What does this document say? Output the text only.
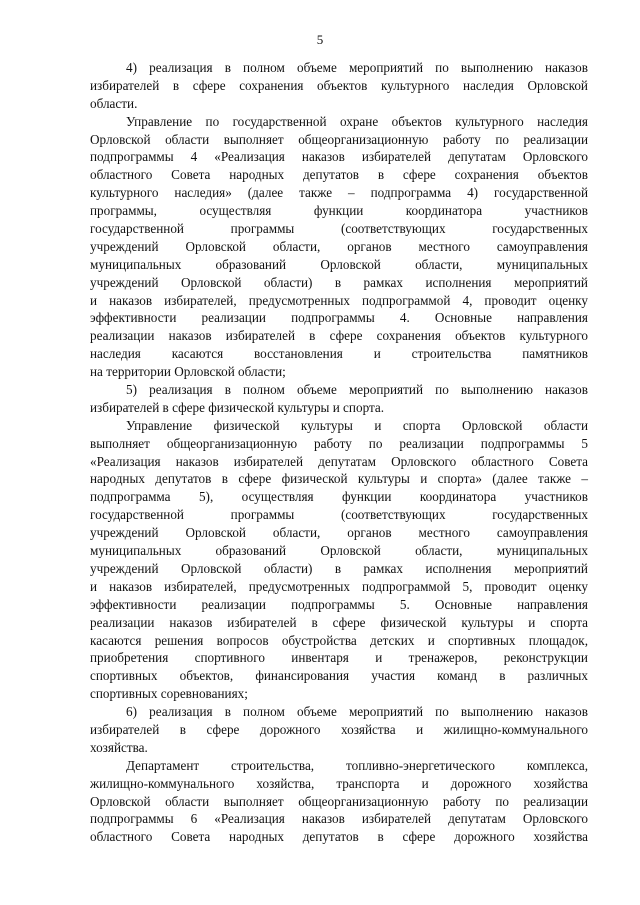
5
4) реализация в полном объеме мероприятий по выполнению наказов
избирателей в сфере сохранения объектов культурного наследия Орловской
области.
Управление по государственной охране объектов культурного наследия
Орловской области выполняет общеорганизационную работу по реализации
подпрограммы 4 «Реализация наказов избирателей депутатам Орловского
областного Совета народных депутатов в сфере сохранения объектов
культурного наследия» (далее также – подпрограмма 4) государственной
программы, осуществляя функции координатора участников
государственной программы (соответствующих государственных
учреждений Орловской области, органов местного самоуправления
муниципальных образований Орловской области, муниципальных
учреждений Орловской области) в рамках исполнения мероприятий
и наказов избирателей, предусмотренных подпрограммой 4, проводит оценку
эффективности реализации подпрограммы 4. Основные направления
реализации наказов избирателей в сфере сохранения объектов культурного
наследия касаются восстановления и строительства памятников
на территории Орловской области;
5) реализация в полном объеме мероприятий по выполнению наказов
избирателей в сфере физической культуры и спорта.
Управление физической культуры и спорта Орловской области
выполняет общеорганизационную работу по реализации подпрограммы 5
«Реализация наказов избирателей депутатам Орловского областного Совета
народных депутатов в сфере физической культуры и спорта» (далее также –
подпрограмма 5), осуществляя функции координатора участников
государственной программы (соответствующих государственных
учреждений Орловской области, органов местного самоуправления
муниципальных образований Орловской области, муниципальных
учреждений Орловской области) в рамках исполнения мероприятий
и наказов избирателей, предусмотренных подпрограммой 5, проводит оценку
эффективности реализации подпрограммы 5. Основные направления
реализации наказов избирателей в сфере физической культуры и спорта
касаются решения вопросов обустройства детских и спортивных площадок,
приобретения спортивного инвентаря и тренажеров, реконструкции
спортивных объектов, финансирования участия команд в различных
спортивных соревнованиях;
6) реализация в полном объеме мероприятий по выполнению наказов
избирателей в сфере дорожного хозяйства и жилищно-коммунального
хозяйства.
Департамент строительства, топливно-энергетического комплекса,
жилищно-коммунального хозяйства, транспорта и дорожного хозяйства
Орловской области выполняет общеорганизационную работу по реализации
подпрограммы 6 «Реализация наказов избирателей депутатам Орловского
областного Совета народных депутатов в сфере дорожного хозяйства
